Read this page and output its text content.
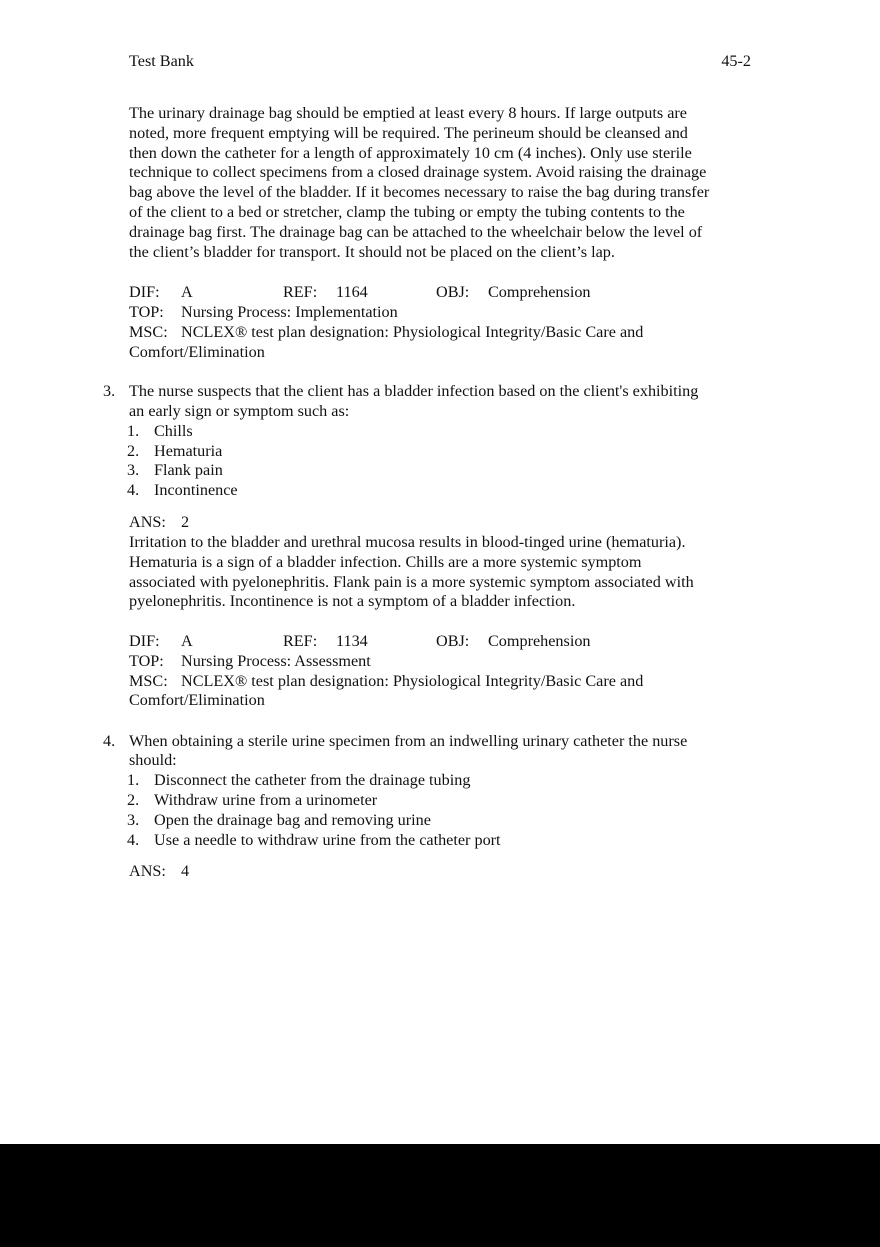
Test Bank	45-2
The urinary drainage bag should be emptied at least every 8 hours. If large outputs are
noted, more frequent emptying will be required. The perineum should be cleansed and
then down the catheter for a length of approximately 10 cm (4 inches). Only use sterile
technique to collect specimens from a closed drainage system. Avoid raising the drainage
bag above the level of the bladder. If it becomes necessary to raise the bag during transfer
of the client to a bed or stretcher, clamp the tubing or empty the tubing contents to the
drainage bag first. The drainage bag can be attached to the wheelchair below the level of
the client’s bladder for transport. It should not be placed on the client’s lap.
DIF: A	REF: 1164	OBJ: Comprehension
TOP: Nursing Process: Implementation
MSC: NCLEX® test plan designation: Physiological Integrity/Basic Care and
Comfort/Elimination
3. The nurse suspects that the client has a bladder infection based on the client's exhibiting
an early sign or symptom such as:
1. Chills
2. Hematuria
3. Flank pain
4. Incontinence
ANS: 2
Irritation to the bladder and urethral mucosa results in blood-tinged urine (hematuria).
Hematuria is a sign of a bladder infection. Chills are a more systemic symptom
associated with pyelonephritis. Flank pain is a more systemic symptom associated with
pyelonephritis. Incontinence is not a symptom of a bladder infection.
DIF: A	REF: 1134	OBJ: Comprehension
TOP: Nursing Process: Assessment
MSC: NCLEX® test plan designation: Physiological Integrity/Basic Care and
Comfort/Elimination
4. When obtaining a sterile urine specimen from an indwelling urinary catheter the nurse
should:
1. Disconnect the catheter from the drainage tubing
2. Withdraw urine from a urinometer
3. Open the drainage bag and removing urine
4. Use a needle to withdraw urine from the catheter port
ANS: 4
